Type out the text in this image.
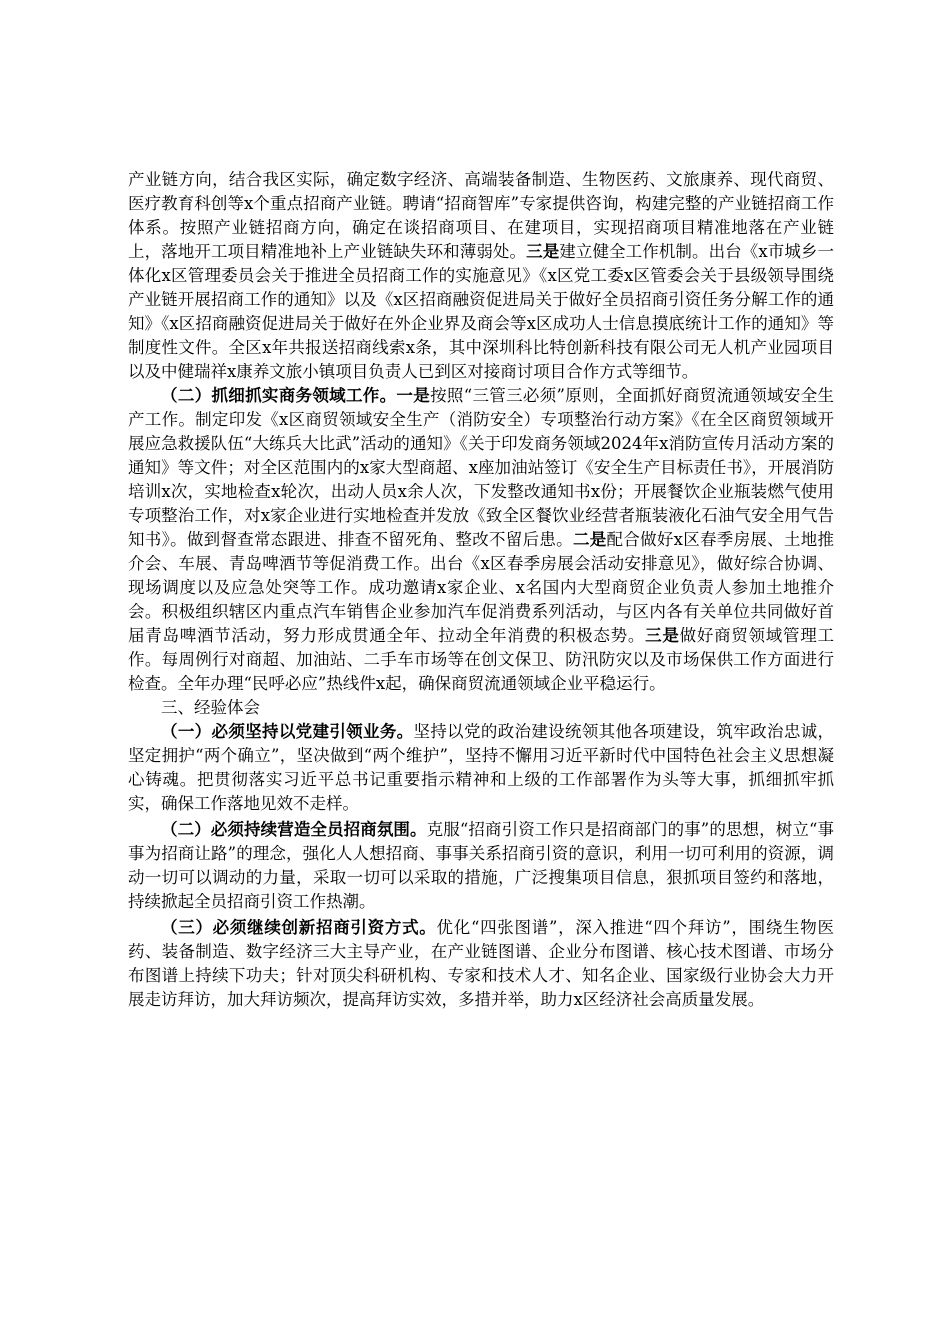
产业链方向，结合我区实际，确定数字经济、高端装备制造、生物医药、文旅康养、现代商贸、医疗教育科创等x个重点招商产业链。聘请“招商智库”专家提供咨询，构建完整的产业链招商工作体系。按照产业链招商方向，确定在谈招商项目、在建项目，实现招商项目精准地落在产业链上，落地开工项目精准地补上产业链缺失环和薄弱处。三是建立健全工作机制。出台《x市城乡一体化x区管理委员会关于推进全员招商工作的实施意见》《x区党工委x区管委会关于县级领导围绕产业链开展招商工作的通知》以及《x区招商融资促进局关于做好全员招商引资任务分解工作的通知》《x区招商融资促进局关于做好在外企业界及商会等x区成功人士信息摸底统计工作的通知》等制度性文件。全区x年共报送招商线索x条，其中深圳科比特创新科技有限公司无人机产业园项目以及中健瑞祥x康养文旅小镇项目负责人已到区对接商讨项目合作方式等细节。

（二）抓细抓实商务领域工作。一是按照“三管三必须”原则，全面抓好商贸流通领域安全生产工作。制定印发《x区商贸领域安全生产（消防安全）专项整治行动方案》《在全区商贸领域开展应急救援队伍“大练兵大比武”活动的通知》《关于印发商务领域2024年x消防宣传月活动方案的通知》等文件；对全区范围内的x家大型商超、x座加油站签订《安全生产目标责任书》，开展消防培训x次，实地检查x轮次，出动人员x余人次，下发整改通知书x份；开展餐饮企业瓶装燃气使用专项整治工作，对x家企业进行实地检查并发放《致全区餐饮业经营者瓶装液化石油气安全用气告知书》。做到督查常态跟进、排查不留死角、整改不留后患。二是配合做好x区春季房展、土地推介会、车展、青岛啤酒节等促消费工作。出台《x区春季房展会活动安排意见》，做好综合协调、现场调度以及应急处突等工作。成功邀请x家企业、x名国内大型商贸企业负责人参加土地推介会。积极组织辖区内重点汽车销售企业参加汽车促消费系列活动，与区内各有关单位共同做好首届青岛啤酒节活动，努力形成贯通全年、拉动全年消费的积极态势。三是做好商贸领域管理工作。每周例行对商超、加油站、二手车市场等在创文保卫、防汛防灾以及市场保供工作方面进行检查。全年办理“民呼必应”热线件x起，确保商贸流通领域企业平稳运行。

三、经验体会

（一）必须坚持以党建引领业务。坚持以党的政治建设统领其他各项建设，筑牢政治忠诚，坚定拥护“两个确立”，坚决做到“两个维护”，坚持不懈用习近平新时代中国特色社会主义思想凝心铸魂。把贯彻落实习近平总书记重要指示精神和上级的工作部署作为头等大事，抓细抓牢抓实，确保工作落地见效不走样。

（二）必须持续营造全员招商氛围。克服“招商引资工作只是招商部门的事”的思想，树立“事事为招商让路”的理念，强化人人想招商、事事关系招商引资的意识，利用一切可利用的资源，调动一切可以调动的力量，采取一切可以采取的措施，广泛搜集项目信息，狠抓项目签约和落地，持续掀起全员招商引资工作热潮。

（三）必须继续创新招商引资方式。优化“四张图谱”，深入推进“四个拜访”，围绕生物医药、装备制造、数字经济三大主导产业，在产业链图谱、企业分布图谱、核心技术图谱、市场分布图谱上持续下功夫；针对顶尖科研机构、专家和技术人才、知名企业、国家级行业协会大力开展走访拜访，加大拜访频次，提高拜访实效，多措并举，助力x区经济社会高质量发展。
